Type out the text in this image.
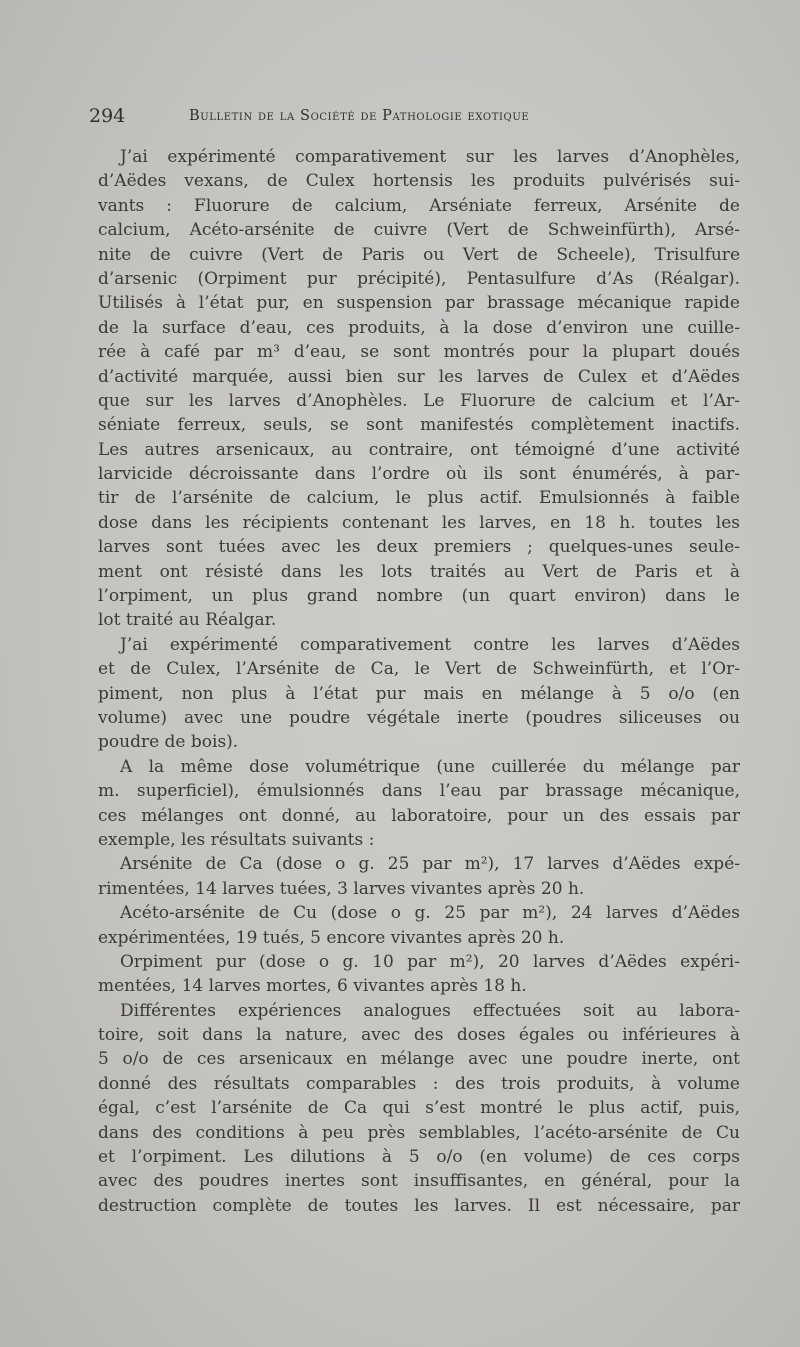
294	Bulletin de la Société de Pathologie exotique
J’ai expérimenté comparativement sur les larves d’Anophèles,
d’Aëdes vexans, de Culex hortensis les produits pulvérisés sui-
vants : Fluorure de calcium, Arséniate ferreux, Arsénite de
calcium, Acéto-arsénite de cuivre (Vert de Schweinfürth), Arsé-
nite de cuivre (Vert de Paris ou Vert de Scheele), Trisulfure
d’arsenic (Orpiment pur précipité), Pentasulfure d’As (Réalgar).
Utilisés à l’état pur, en suspension par brassage mécanique rapide
de la surface d’eau, ces produits, à la dose d’environ une cuille-
rée à café par m³ d’eau, se sont montrés pour la plupart doués
d’activité marquée, aussi bien sur les larves de Culex et d’Aëdes
que sur les larves d’Anophèles. Le Fluorure de calcium et l’Ar-
séniate ferreux, seuls, se sont manifestés complètement inactifs.
Les autres arsenicaux, au contraire, ont témoigné d’une activité
larvicide décroissante dans l’ordre où ils sont énumérés, à par-
tir de l’arsénite de calcium, le plus actif. Emulsionnés à faible
dose dans les récipients contenant les larves, en 18 h. toutes les
larves sont tuées avec les deux premiers ; quelques-unes seule-
ment ont résisté dans les lots traités au Vert de Paris et à
l’orpiment, un plus grand nombre (un quart environ) dans le
lot traité au Réalgar.
J’ai expérimenté comparativement contre les larves d’Aëdes
et de Culex, l’Arsénite de Ca, le Vert de Schweinfürth, et l’Or-
piment, non plus à l’état pur mais en mélange à 5 o/o (en
volume) avec une poudre végétale inerte (poudres siliceuses ou
poudre de bois).
A la même dose volumétrique (une cuillerée du mélange par
m. superficiel), émulsionnés dans l’eau par brassage mécanique,
ces mélanges ont donné, au laboratoire, pour un des essais par
exemple, les résultats suivants :
Arsénite de Ca (dose o g. 25 par m²), 17 larves d’Aëdes expé-
rimentées, 14 larves tuées, 3 larves vivantes après 20 h.
Acéto-arsénite de Cu (dose o g. 25 par m²), 24 larves d’Aëdes
expérimentées, 19 tués, 5 encore vivantes après 20 h.
Orpiment pur (dose o g. 10 par m²), 20 larves d’Aëdes expéri-
mentées, 14 larves mortes, 6 vivantes après 18 h.
Différentes expériences analogues effectuées soit au labora-
toire, soit dans la nature, avec des doses égales ou inférieures à
5 o/o de ces arsenicaux en mélange avec une poudre inerte, ont
donné des résultats comparables : des trois produits, à volume
égal, c’est l’arsénite de Ca qui s’est montré le plus actif, puis,
dans des conditions à peu près semblables, l’acéto-arsénite de Cu
et l’orpiment. Les dilutions à 5 o/o (en volume) de ces corps
avec des poudres inertes sont insuffisantes, en général, pour la
destruction complète de toutes les larves. Il est nécessaire, par
